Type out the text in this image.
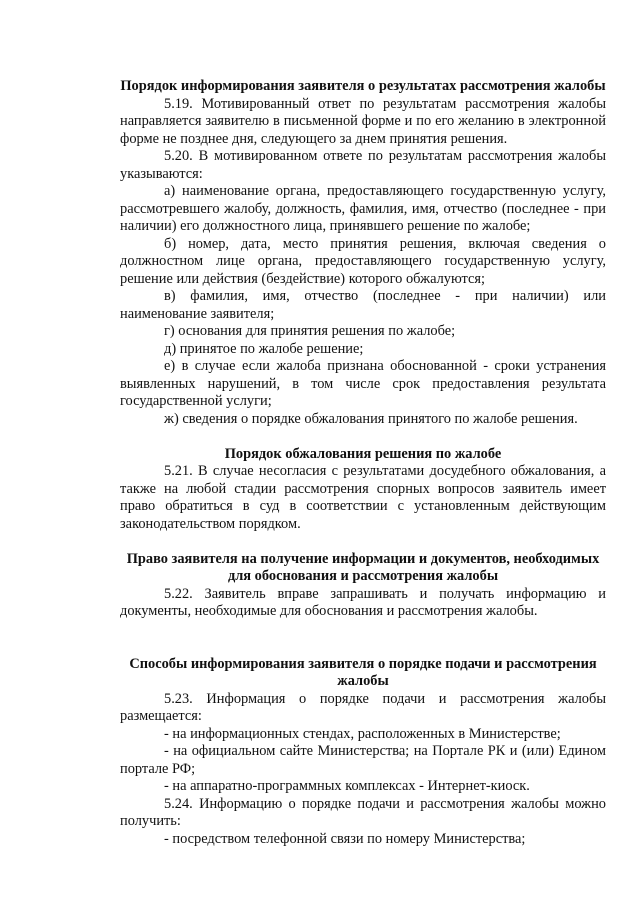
Порядок информирования заявителя о результатах рассмотрения жалобы

5.19. Мотивированный ответ по результатам рассмотрения жалобы направляется заявителю в письменной форме и по его желанию в электронной форме не позднее дня, следующего за днем принятия решения.

5.20. В мотивированном ответе по результатам рассмотрения жалобы указываются:

а) наименование органа, предоставляющего государственную услугу, рассмотревшего жалобу, должность, фамилия, имя, отчество (последнее - при наличии) его должностного лица, принявшего решение по жалобе;

б) номер, дата, место принятия решения, включая сведения о должностном лице органа, предоставляющего государственную услугу, решение или действия (бездействие) которого обжалуются;

в) фамилия, имя, отчество (последнее - при наличии) или наименование заявителя;

г) основания для принятия решения по жалобе;

д) принятое по жалобе решение;

е) в случае если жалоба признана обоснованной - сроки устранения выявленных нарушений, в том числе срок предоставления результата государственной услуги;

ж) сведения о порядке обжалования принятого по жалобе решения.

Порядок обжалования решения по жалобе

5.21. В случае несогласия с результатами досудебного обжалования, а также на любой стадии рассмотрения спорных вопросов заявитель имеет право обратиться в суд в соответствии с установленным действующим законодательством порядком.

Право заявителя на получение информации и документов, необходимых для обоснования и рассмотрения жалобы

5.22. Заявитель вправе запрашивать и получать информацию и документы, необходимые для обоснования и рассмотрения жалобы.

Способы информирования заявителя о порядке подачи и рассмотрения жалобы

5.23. Информация о порядке подачи и рассмотрения жалобы размещается:

- на информационных стендах, расположенных в Министерстве;

- на официальном сайте Министерства; на Портале РК и (или) Едином портале РФ;

- на аппаратно-программных комплексах - Интернет-киоск.

5.24. Информацию о порядке подачи и рассмотрения жалобы можно получить:

- посредством телефонной связи по номеру Министерства;
